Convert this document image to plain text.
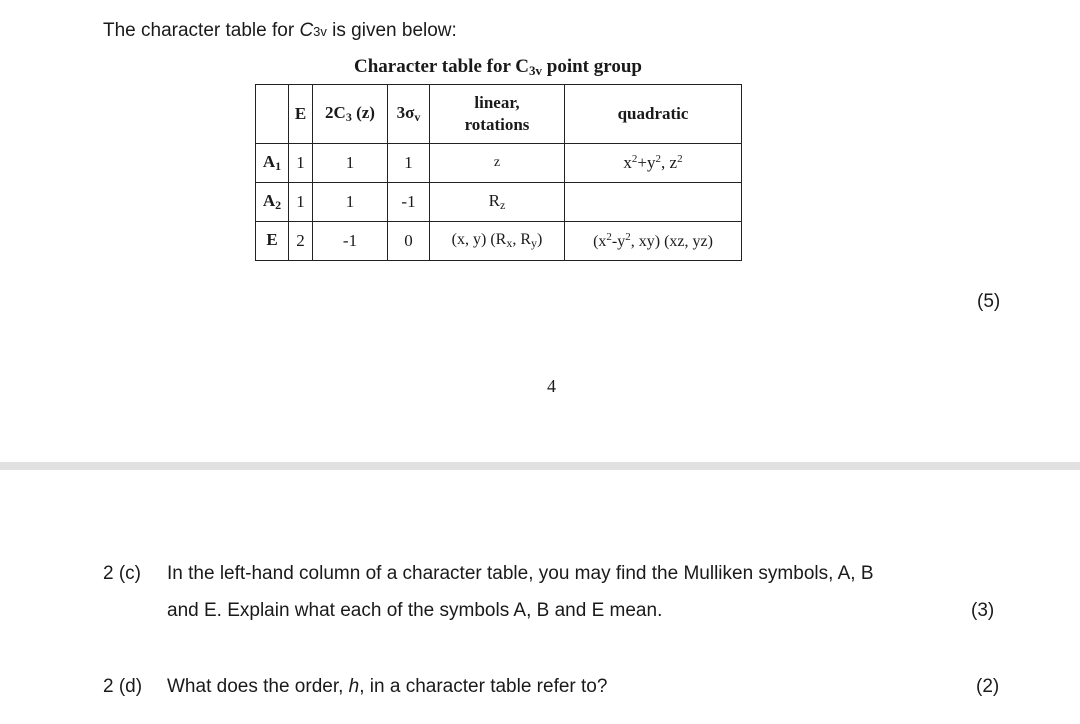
The character table for C3v is given below:
Character table for C3v point group
	E	2C3 (z)	3σv	linear,
rotations	quadratic
A1	1	1	1	z	$x^2+y^2$, $z^2$
A2	1	1	-1	Rz	
E	2	-1	0	(x, y) (Rx, Ry)	($x^2-y^2$, xy) (xz, yz)
(5)
4
2 (c) In the left-hand column of a character table, you may find the Mulliken symbols, A, B
and E. Explain what each of the symbols A, B and E mean.	(3)
2 (d) What does the order, h, in a character table refer to?	(2)
